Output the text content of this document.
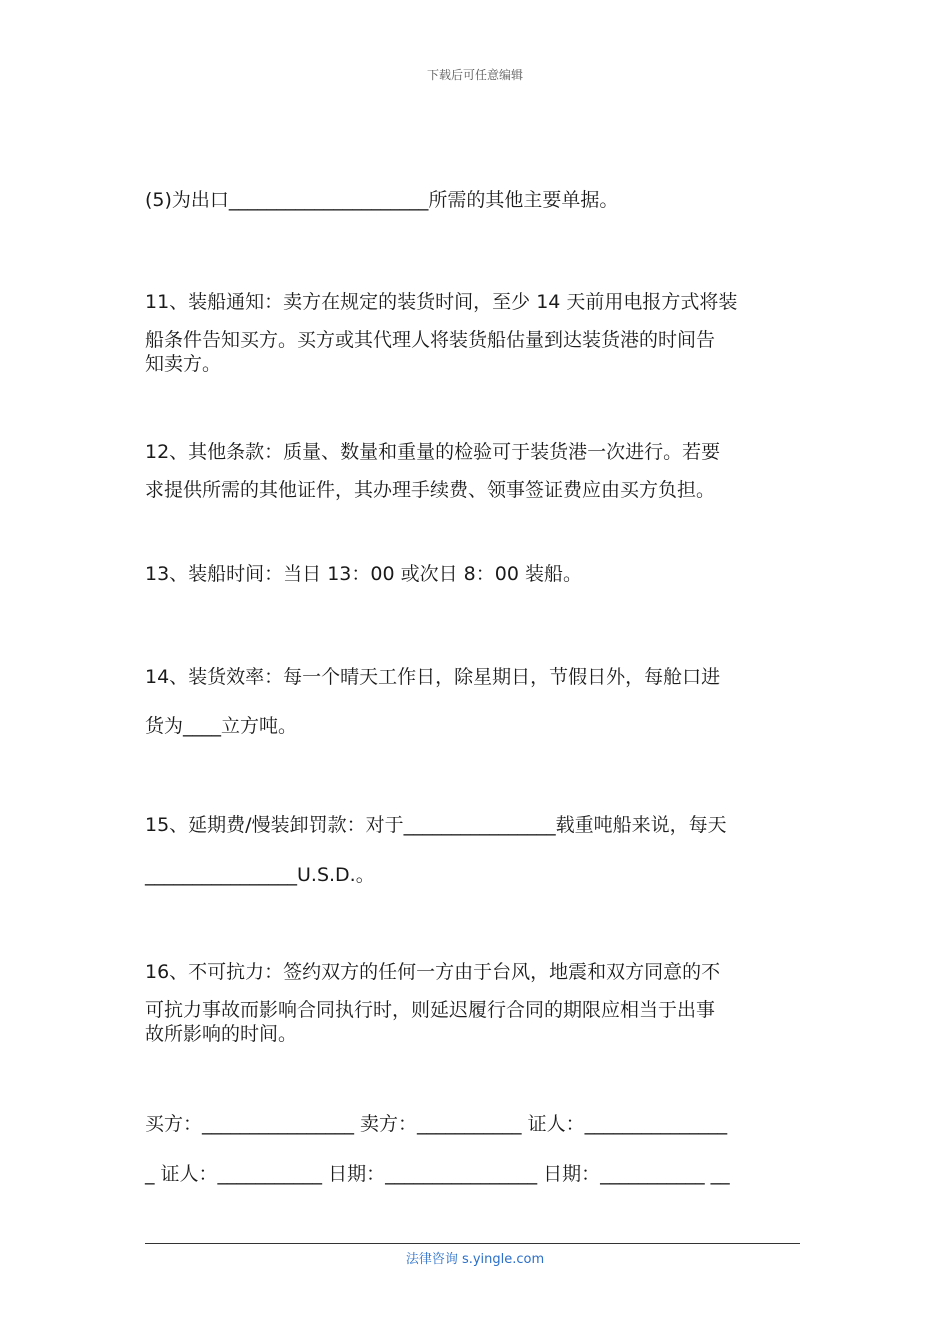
下载后可任意编辑

(5)为出口_____________________所需的其他主要单据。

11、装船通知：卖方在规定的装货时间，至少 14 天前用电报方式将装
船条件告知买方。买方或其代理人将装货船估量到达装货港的时间告
知卖方。

12、其他条款：质量、数量和重量的检验可于装货港一次进行。若要
求提供所需的其他证件，其办理手续费、领事签证费应由买方负担。

13、装船时间：当日 13：00 或次日 8：00 装船。

14、装货效率：每一个晴天工作日，除星期日，节假日外，每舱口进
货为____立方吨。

15、延期费/慢装卸罚款：对于________________载重吨船来说，每天
________________U.S.D.。

16、不可抗力：签约双方的任何一方由于台风，地震和双方同意的不
可抗力事故而影响合同执行时，则延迟履行合同的期限应相当于出事
故所影响的时间。

买方：________________ 卖方：___________ 证人：_______________
_ 证人：___________ 日期：________________ 日期：___________ __

法律咨询 s.yingle.com
